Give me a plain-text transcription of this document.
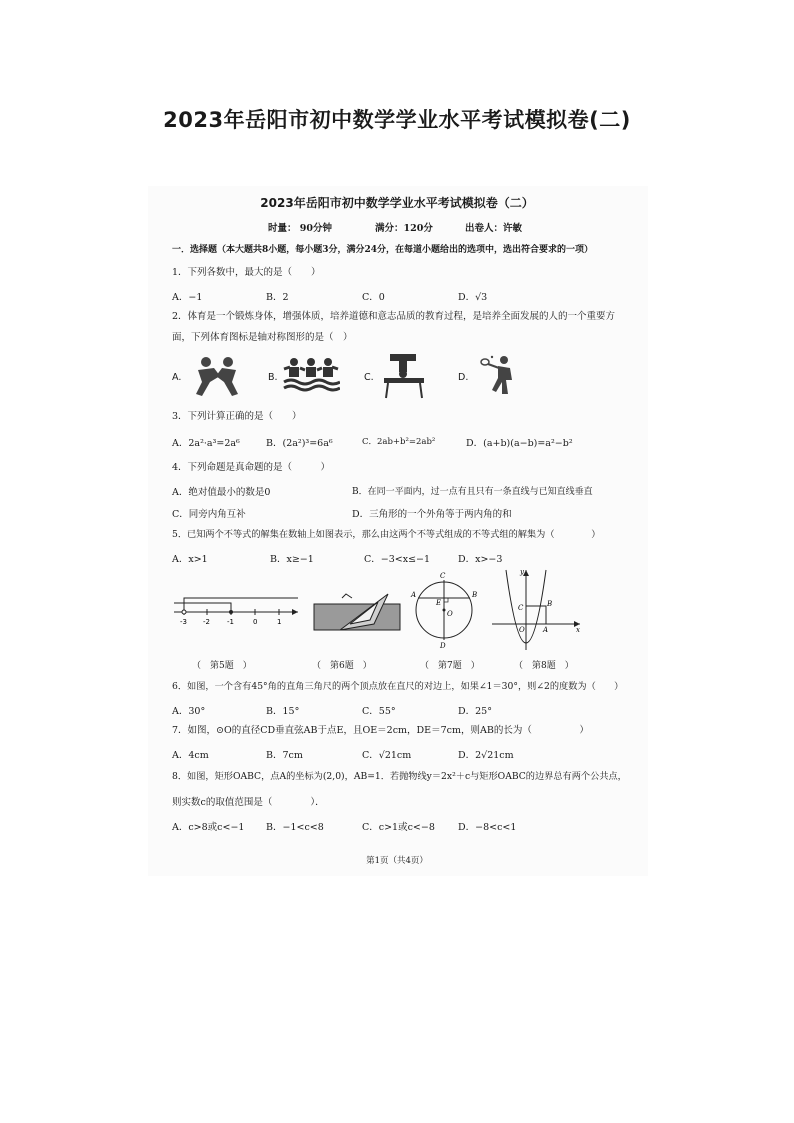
2023年岳阳市初中数学学业水平考试模拟卷(二)
2023年岳阳市初中数学学业水平考试模拟卷（二）
时量： 90分钟	满分：120分	出卷人：许敏
一．选择题（本大题共8小题，每小题3分，满分24分，在每道小题给出的选项中，选出符合要求的一项）
1．下列各数中，最大的是（　　）
A．−1	B．2	C．0	D．√3
2．体育是一个锻炼身体，增强体质，培养道德和意志品质的教育过程，是培养全面发展的人的一个重要方
面，下列体育图标是轴对称图形的是（　）
A.	B.	C.	D.
3．下列计算正确的是（　　）
A．2a²·a³=2a⁶	B．(2a²)³=6a⁶	C．2ab+b²=2ab²	D．(a+b)(a−b)=a²−b²
4．下列命题是真命题的是（　　　）
A．绝对值最小的数是0	B．在同一平面内，过一点有且只有一条直线与已知直线垂直
C．同旁内角互补	D．三角形的一个外角等于两内角的和
5．已知两个不等式的解集在数轴上如图表示，那么由这两个不等式组成的不等式组的解集为（　　　　）
A．x>1	B．x≥−1	C．−3<x≤−1	D．x>−3
-3 -2 -1	0	1
C
A
E
B
O
D
y
C	B
O	A	x
（　第5题　）	（　第6题　）	（　第7题　）	（　第8题　）
6．如图，一个含有45°角的直角三角尺的两个顶点放在直尺的对边上，如果∠1＝30°，则∠2的度数为（　　）
A．30°	B．15°	C．55°	D．25°
7．如图，⊙O的直径CD垂直弦AB于点E，且OE＝2cm，DE＝7cm，则AB的长为（　　　　　）
A．4cm	B．7cm	C．√21cm	D．2√21cm
8．如图，矩形OABC，点A的坐标为(2,0)，AB=1．若抛物线y＝2x²＋c与矩形OABC的边界总有两个公共点，
则实数c的取值范围是（　　　　）．
A．c>8或c<−1 B．−1<c<8	C．c>1或c<−8 D．−8<c<1
第1页（共4页）
